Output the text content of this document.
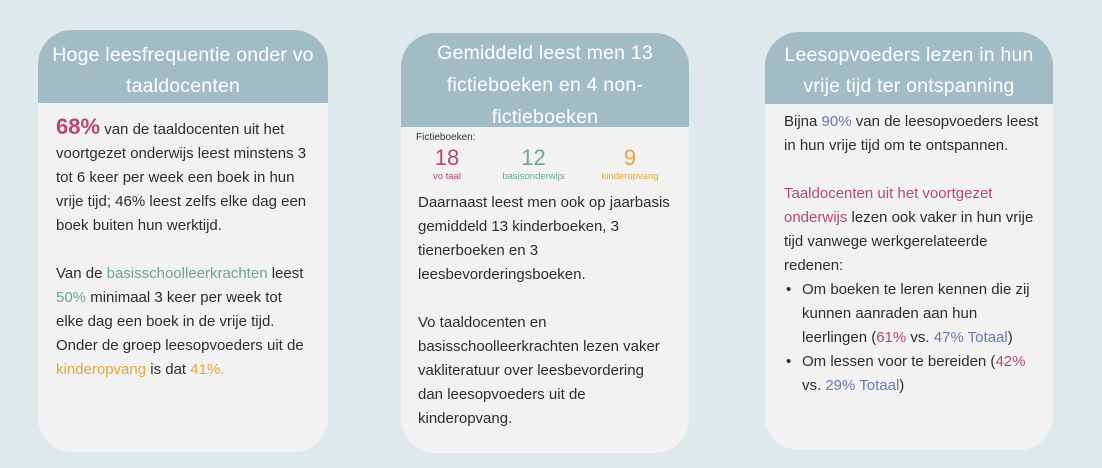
Hoge leesfrequentie onder vo taaldocenten
68% van de taaldocenten uit het voortgezet onderwijs leest minstens 3 tot 6 keer per week een boek in hun vrije tijd; 46% leest zelfs elke dag een boek buiten hun werktijd.
Van de basisschoolleerkrachten leest 50% minimaal 3 keer per week tot elke dag een boek in de vrije tijd. Onder de groep leesopvoeders uit de kinderopvang is dat 41%.
Gemiddeld leest men 13 fictieboeken en 4 non-fictieboeken
Fictieboeken:
18
vo taal
12
basisonderwijs
9
kinderopvang
Daarnaast leest men ook op jaarbasis gemiddeld 13 kinderboeken, 3 tienerboeken en 3 leesbevorderingsboeken.
Vo taaldocenten en basisschoolleerkrachten lezen vaker vakliteratuur over leesbevordering dan leesopvoeders uit de kinderopvang.
Leesopvoeders lezen in hun vrije tijd ter ontspanning
Bijna 90% van de leesopvoeders leest in hun vrije tijd om te ontspannen.
Taaldocenten uit het voortgezet onderwijs lezen ook vaker in hun vrije tijd vanwege werkgerelateerde redenen:
• Om boeken te leren kennen die zij kunnen aanraden aan hun leerlingen (61% vs. 47% Totaal)
• Om lessen voor te bereiden (42% vs. 29% Totaal)
